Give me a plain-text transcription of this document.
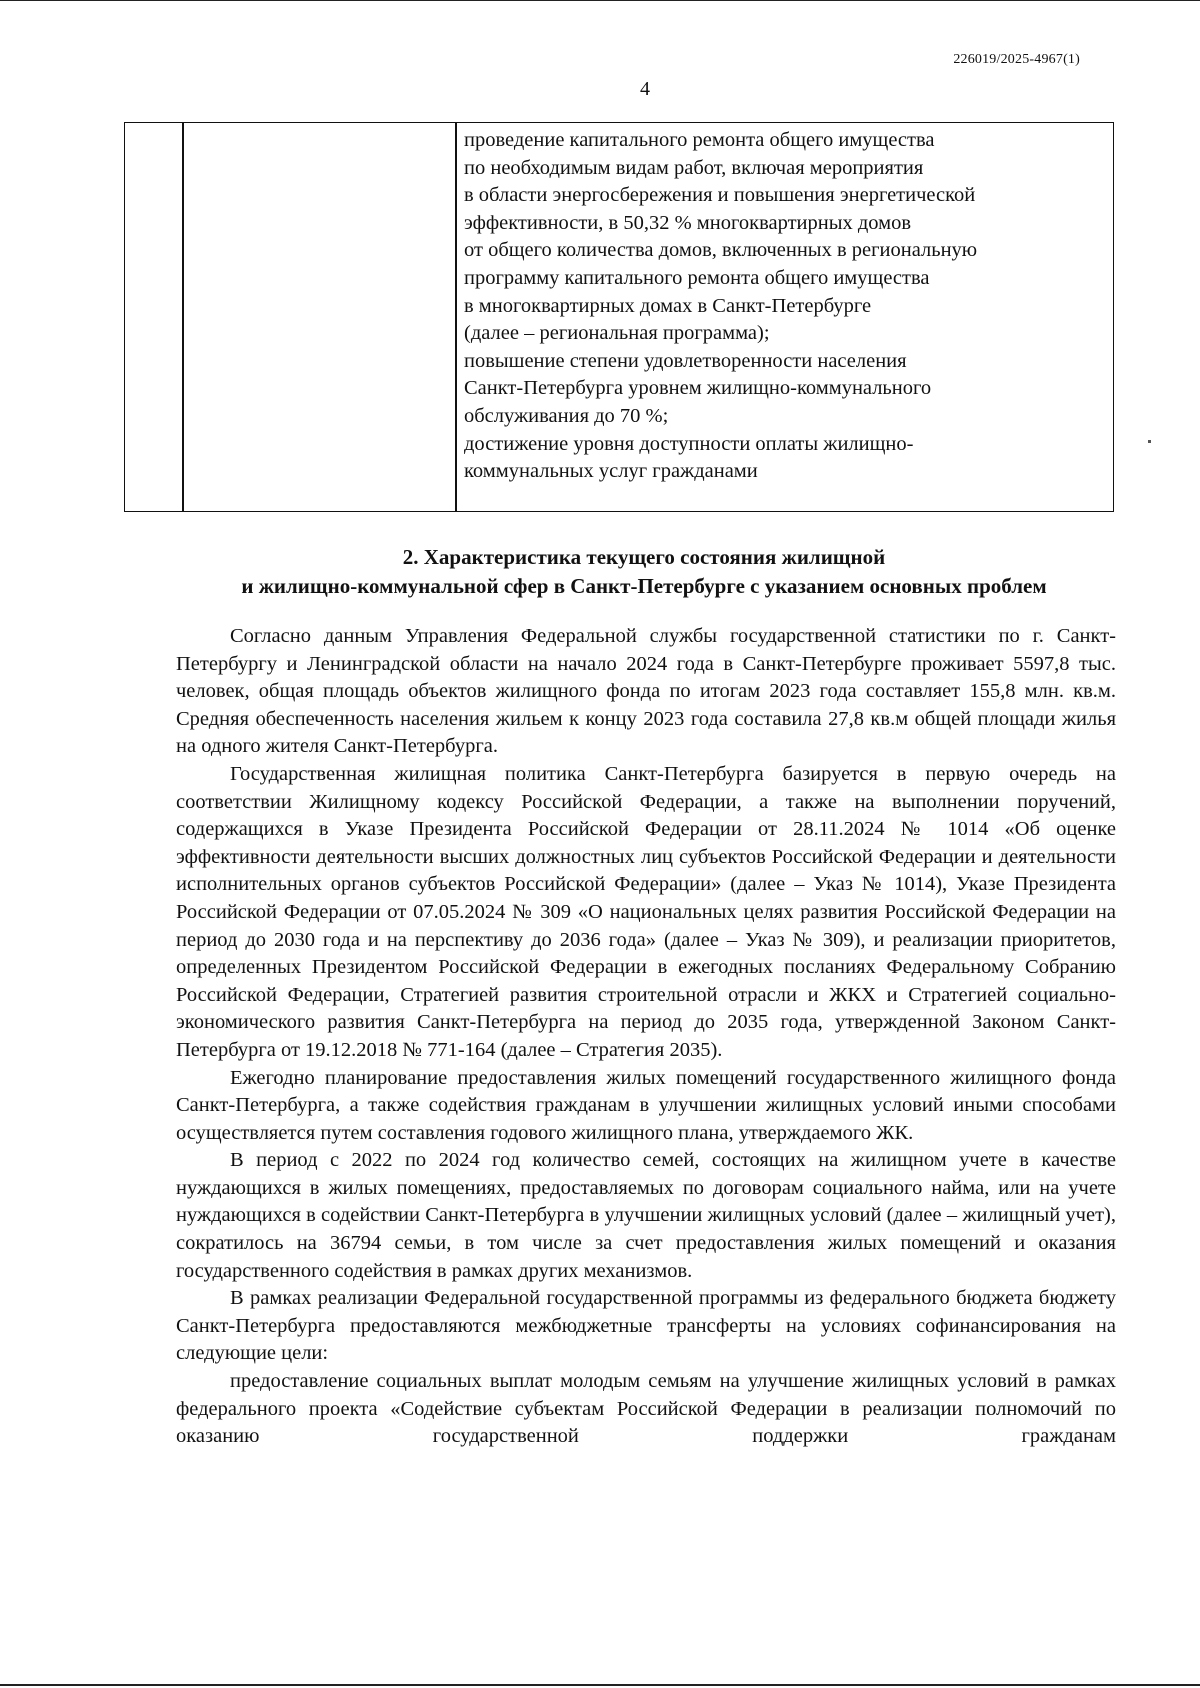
226019/2025-4967(1)
4
проведение капитального ремонта общего имущества
по необходимым видам работ, включая мероприятия
в области энергосбережения и повышения энергетической
эффективности, в 50,32 % многоквартирных домов
от общего количества домов, включенных в региональную
программу капитального ремонта общего имущества
в многоквартирных домах в Санкт-Петербурге
(далее – региональная программа);
повышение степени удовлетворенности населения
Санкт-Петербурга уровнем жилищно-коммунального
обслуживания до 70 %;
достижение уровня доступности оплаты жилищно-
коммунальных услуг гражданами
2. Характеристика текущего состояния жилищной
и жилищно-коммунальной сфер в Санкт-Петербурге с указанием основных проблем

Согласно данным Управления Федеральной службы государственной статистики по г. Санкт-Петербургу и Ленинградской области на начало 2024 года в Санкт-Петербурге проживает 5597,8 тыс. человек, общая площадь объектов жилищного фонда по итогам 2023 года составляет 155,8 млн. кв.м. Средняя обеспеченность населения жильем к концу 2023 года составила 27,8 кв.м общей площади жилья на одного жителя Санкт-Петербурга.

Государственная жилищная политика Санкт-Петербурга базируется в первую очередь на соответствии Жилищному кодексу Российской Федерации, а также на выполнении поручений, содержащихся в Указе Президента Российской Федерации от 28.11.2024 № 1014 «Об оценке эффективности деятельности высших должностных лиц субъектов Российской Федерации и деятельности исполнительных органов субъектов Российской Федерации» (далее – Указ № 1014), Указе Президента Российской Федерации от 07.05.2024 № 309 «О национальных целях развития Российской Федерации на период до 2030 года и на перспективу до 2036 года» (далее – Указ № 309), и реализации приоритетов, определенных Президентом Российской Федерации в ежегодных посланиях Федеральному Собранию Российской Федерации, Стратегией развития строительной отрасли и ЖКХ и Стратегией социально-экономического развития Санкт-Петербурга на период до 2035 года, утвержденной Законом Санкт-Петербурга от 19.12.2018 № 771-164 (далее – Стратегия 2035).

Ежегодно планирование предоставления жилых помещений государственного жилищного фонда Санкт-Петербурга, а также содействия гражданам в улучшении жилищных условий иными способами осуществляется путем составления годового жилищного плана, утверждаемого ЖК.

В период с 2022 по 2024 год количество семей, состоящих на жилищном учете в качестве нуждающихся в жилых помещениях, предоставляемых по договорам социального найма, или на учете нуждающихся в содействии Санкт-Петербурга в улучшении жилищных условий (далее – жилищный учет), сократилось на 36794 семьи, в том числе за счет предоставления жилых помещений и оказания государственного содействия в рамках других механизмов.

В рамках реализации Федеральной государственной программы из федерального бюджета бюджету Санкт-Петербурга предоставляются межбюджетные трансферты на условиях софинансирования на следующие цели:

предоставление социальных выплат молодым семьям на улучшение жилищных условий в рамках федерального проекта «Содействие субъектам Российской Федерации в реализации полномочий по оказанию государственной поддержки гражданам
